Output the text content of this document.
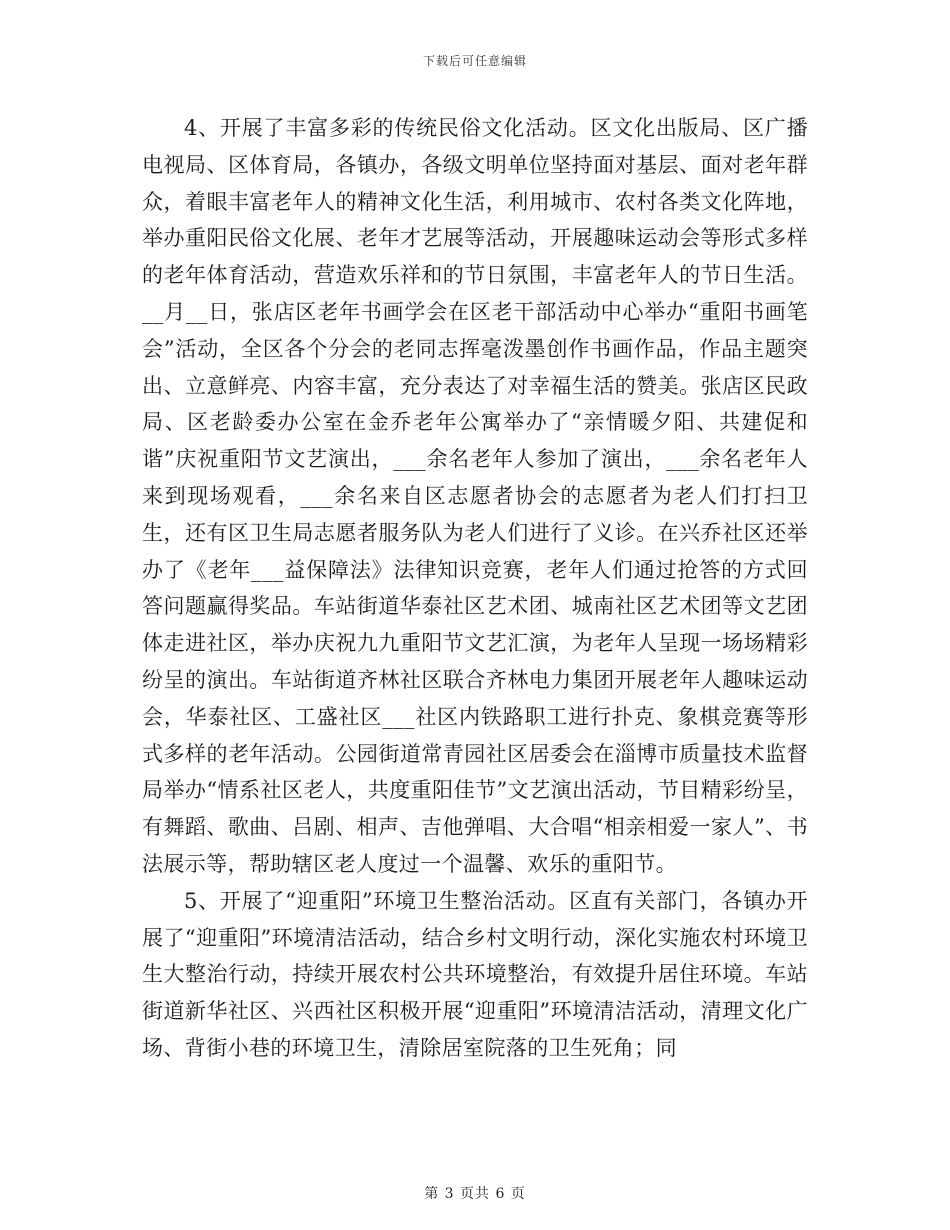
下载后可任意编辑

4、开展了丰富多彩的传统民俗文化活动。区文化出版局、区广播电视局、区体育局，各镇办，各级文明单位坚持面对基层、面对老年群众，着眼丰富老年人的精神文化生活，利用城市、农村各类文化阵地，举办重阳民俗文化展、老年才艺展等活动，开展趣味运动会等形式多样的老年体育活动，营造欢乐祥和的节日氛围，丰富老年人的节日生活。__月__日，张店区老年书画学会在区老干部活动中心举办“重阳书画笔会”活动，全区各个分会的老同志挥毫泼墨创作书画作品，作品主题突出、立意鲜亮、内容丰富，充分表达了对幸福生活的赞美。张店区民政局、区老龄委办公室在金乔老年公寓举办了“亲情暖夕阳、共建促和谐”庆祝重阳节文艺演出，___余名老年人参加了演出，___余名老年人来到现场观看，___余名来自区志愿者协会的志愿者为老人们打扫卫生，还有区卫生局志愿者服务队为老人们进行了义诊。在兴乔社区还举办了《老年___益保障法》法律知识竞赛，老年人们通过抢答的方式回答问题赢得奖品。车站街道华泰社区艺术团、城南社区艺术团等文艺团体走进社区，举办庆祝九九重阳节文艺汇演，为老年人呈现一场场精彩纷呈的演出。车站街道齐林社区联合齐林电力集团开展老年人趣味运动会，华泰社区、工盛社区___社区内铁路职工进行扑克、象棋竞赛等形式多样的老年活动。公园街道常青园社区居委会在淄博市质量技术监督局举办“情系社区老人，共度重阳佳节”文艺演出活动，节目精彩纷呈，有舞蹈、歌曲、吕剧、相声、吉他弹唱、大合唱“相亲相爱一家人”、书法展示等，帮助辖区老人度过一个温馨、欢乐的重阳节。

5、开展了“迎重阳”环境卫生整治活动。区直有关部门，各镇办开展了“迎重阳”环境清洁活动，结合乡村文明行动，深化实施农村环境卫生大整治行动，持续开展农村公共环境整治，有效提升居住环境。车站街道新华社区、兴西社区积极开展“迎重阳”环境清洁活动，清理文化广场、背街小巷的环境卫生，清除居室院落的卫生死角；同

第 3 页共 6 页
